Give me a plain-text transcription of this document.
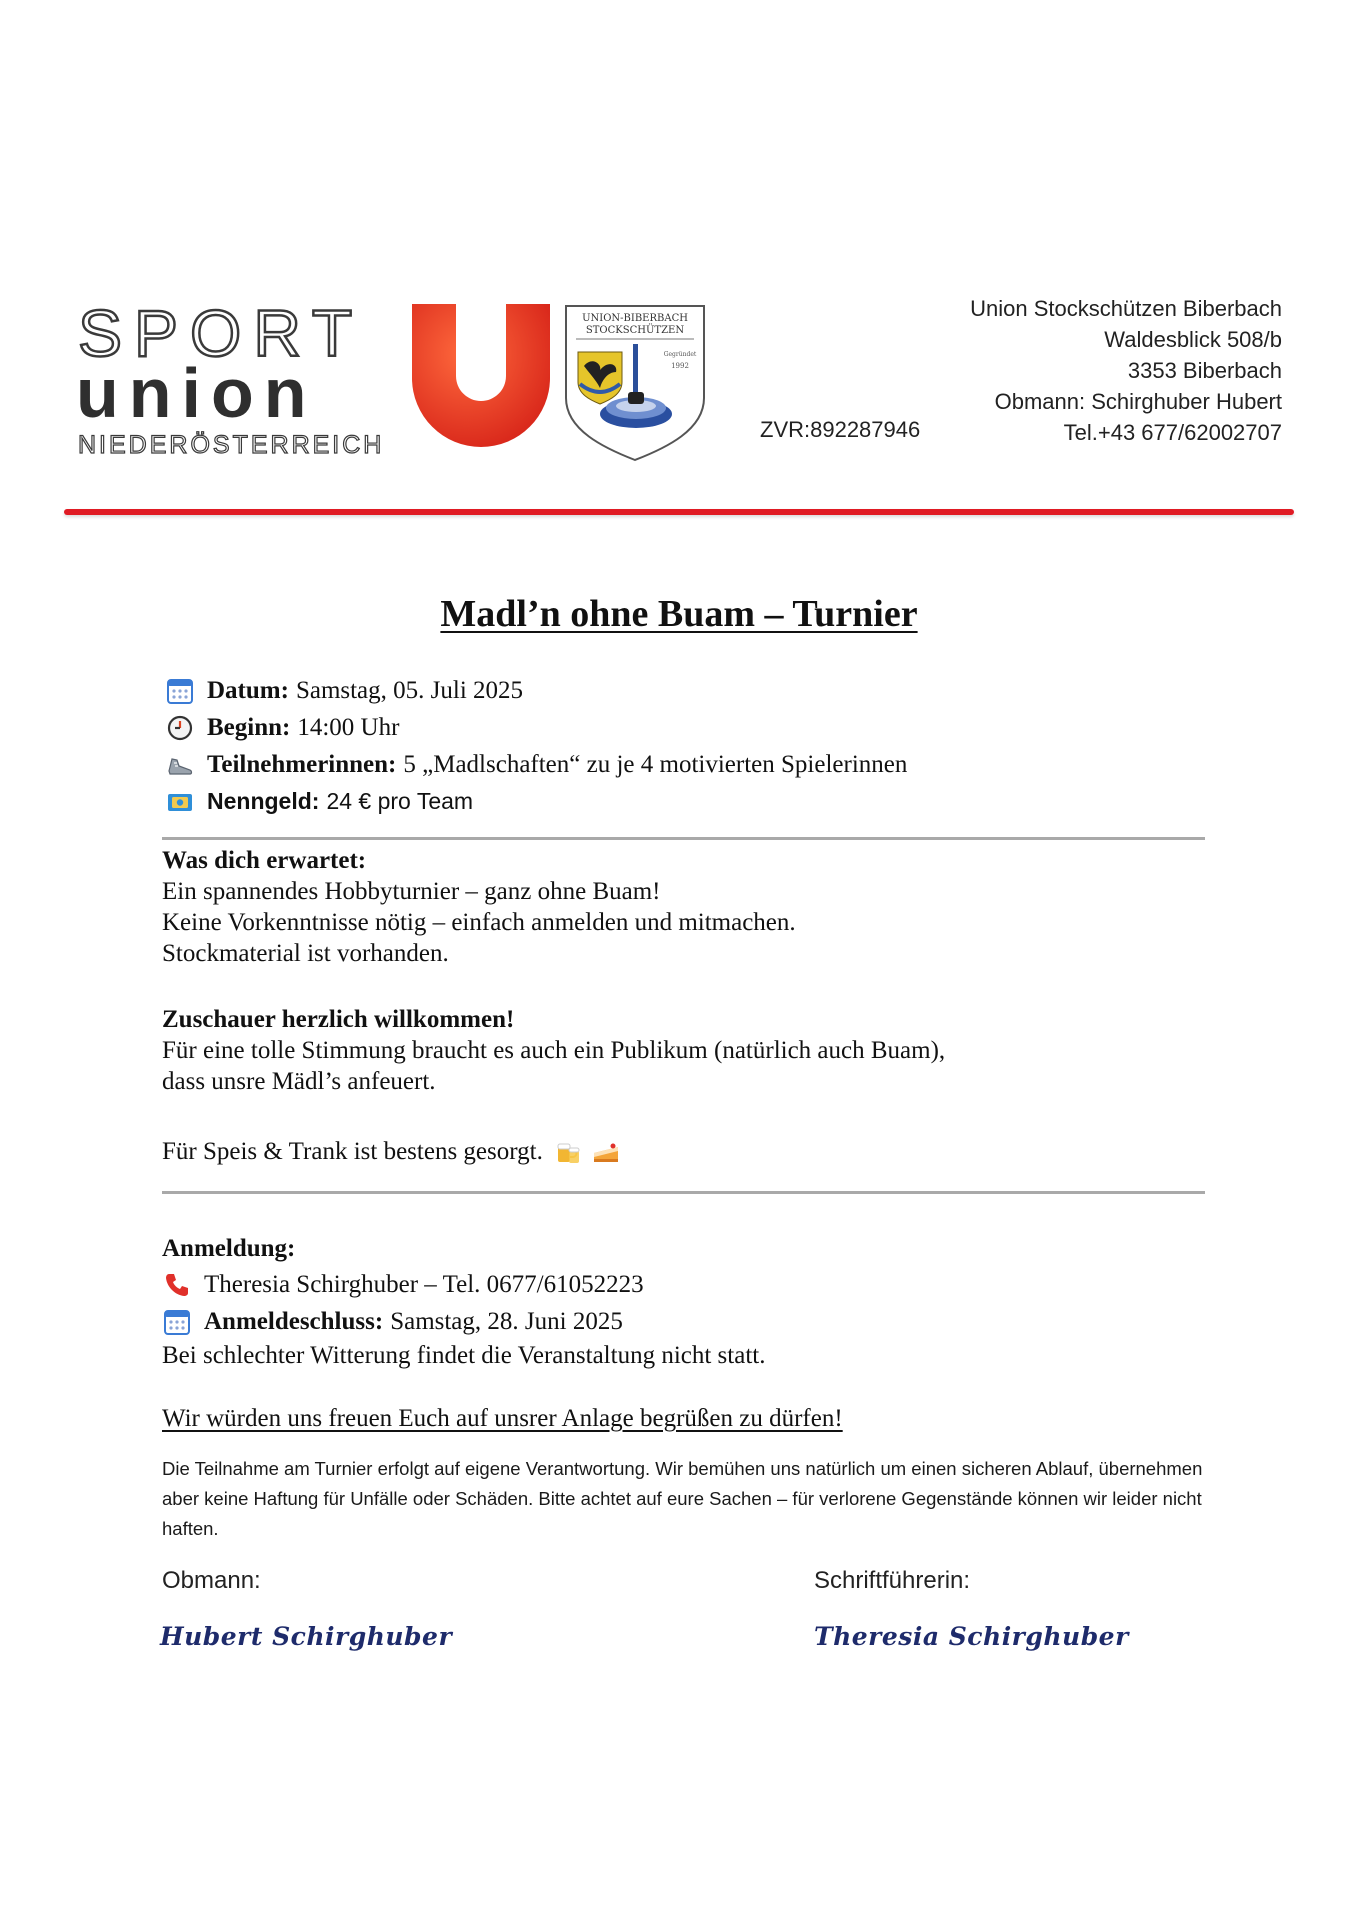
SPORT
union
NIEDERÖSTERREICH
UNION-BIBERBACH
STOCKSCHÜTZEN
Gegründet
1992
ZVR:892287946
Union Stockschützen Biberbach
Waldesblick 508/b
3353 Biberbach
Obmann: Schirghuber Hubert
Tel.+43 677/62002707
Madl’n ohne Buam – Turnier
Datum: Samstag, 05. Juli 2025
Beginn: 14:00 Uhr
Teilnehmerinnen: 5 „Madlschaften“ zu je 4 motivierten Spielerinnen
Nenngeld: 24 € pro Team
Was dich erwartet:
Ein spannendes Hobbyturnier – ganz ohne Buam!
Keine Vorkenntnisse nötig – einfach anmelden und mitmachen.
Stockmaterial ist vorhanden.
Zuschauer herzlich willkommen!
Für eine tolle Stimmung braucht es auch ein Publikum (natürlich auch Buam),
dass unsre Mädl’s anfeuert.
Für Speis & Trank ist bestens gesorgt.
Anmeldung:
Theresia Schirghuber – Tel. 0677/61052223
Anmeldeschluss: Samstag, 28. Juni 2025
Bei schlechter Witterung findet die Veranstaltung nicht statt.
Wir würden uns freuen Euch auf unsrer Anlage begrüßen zu dürfen!
Die Teilnahme am Turnier erfolgt auf eigene Verantwortung. Wir bemühen uns natürlich um einen sicheren Ablauf, übernehmen aber keine Haftung für Unfälle oder Schäden. Bitte achtet auf eure Sachen – für verlorene Gegenstände können wir leider nicht haften.
Obmann:
Hubert Schirghuber
Schriftführerin:
Theresia Schirghuber
